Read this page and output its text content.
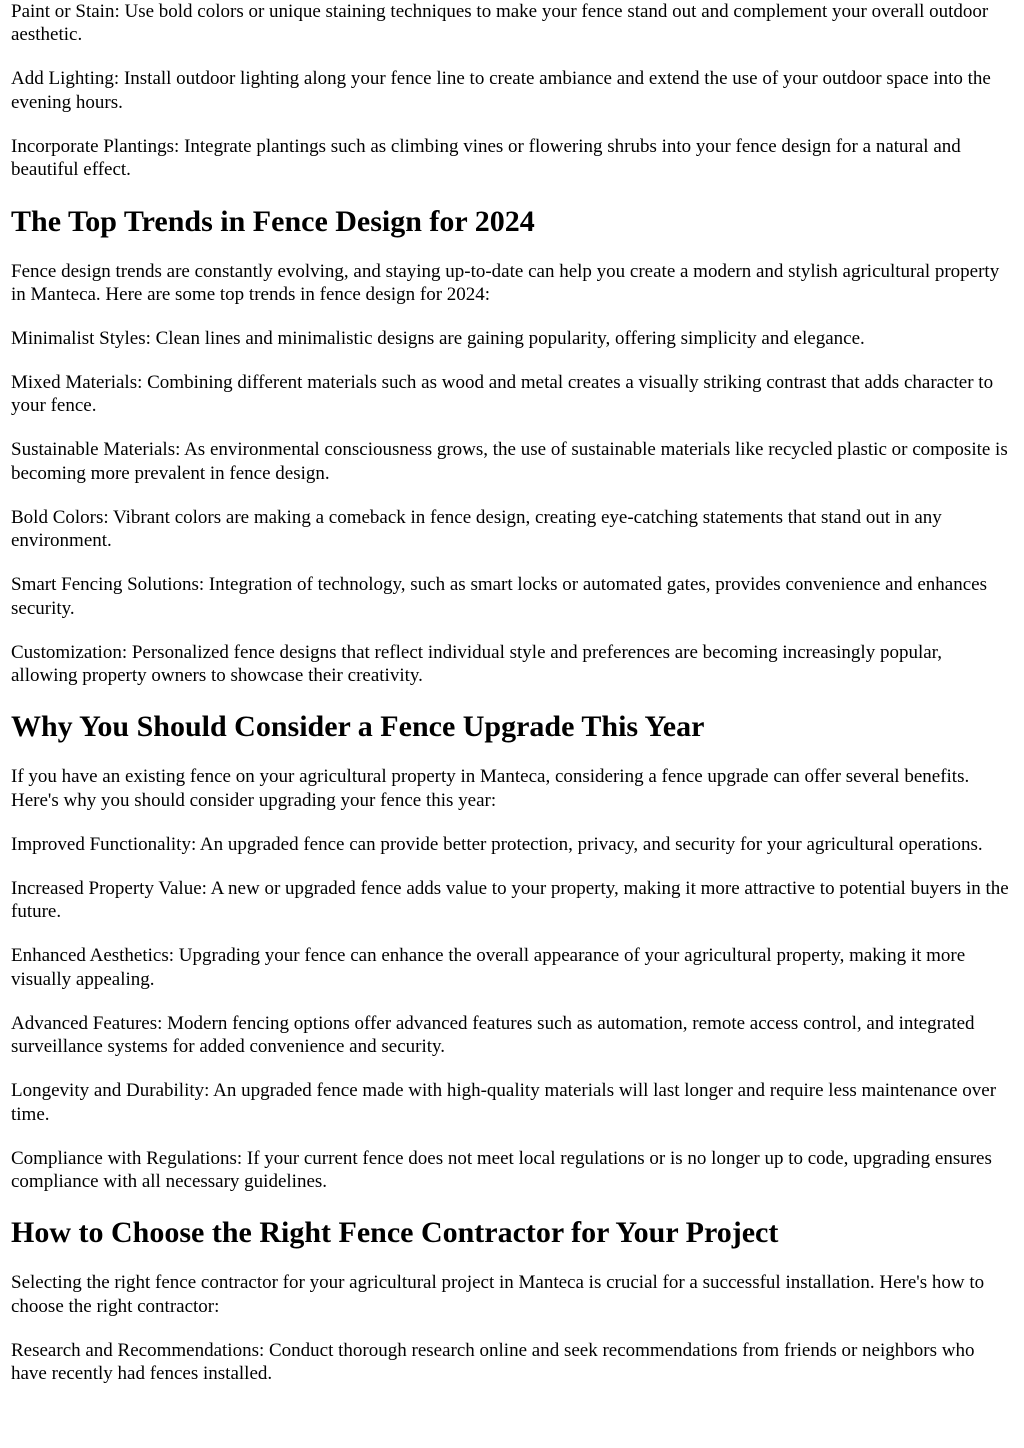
Paint or Stain: Use bold colors or unique staining techniques to make your fence stand out and complement your overall outdoor aesthetic.

Add Lighting: Install outdoor lighting along your fence line to create ambiance and extend the use of your outdoor space into the evening hours.

Incorporate Plantings: Integrate plantings such as climbing vines or flowering shrubs into your fence design for a natural and beautiful effect.

The Top Trends in Fence Design for 2024

Fence design trends are constantly evolving, and staying up-to-date can help you create a modern and stylish agricultural property in Manteca. Here are some top trends in fence design for 2024:

Minimalist Styles: Clean lines and minimalistic designs are gaining popularity, offering simplicity and elegance.

Mixed Materials: Combining different materials such as wood and metal creates a visually striking contrast that adds character to your fence.

Sustainable Materials: As environmental consciousness grows, the use of sustainable materials like recycled plastic or composite is becoming more prevalent in fence design.

Bold Colors: Vibrant colors are making a comeback in fence design, creating eye-catching statements that stand out in any environment.

Smart Fencing Solutions: Integration of technology, such as smart locks or automated gates, provides convenience and enhances security.

Customization: Personalized fence designs that reflect individual style and preferences are becoming increasingly popular, allowing property owners to showcase their creativity.

Why You Should Consider a Fence Upgrade This Year

If you have an existing fence on your agricultural property in Manteca, considering a fence upgrade can offer several benefits. Here's why you should consider upgrading your fence this year:

Improved Functionality: An upgraded fence can provide better protection, privacy, and security for your agricultural operations.

Increased Property Value: A new or upgraded fence adds value to your property, making it more attractive to potential buyers in the future.

Enhanced Aesthetics: Upgrading your fence can enhance the overall appearance of your agricultural property, making it more visually appealing.

Advanced Features: Modern fencing options offer advanced features such as automation, remote access control, and integrated surveillance systems for added convenience and security.

Longevity and Durability: An upgraded fence made with high-quality materials will last longer and require less maintenance over time.

Compliance with Regulations: If your current fence does not meet local regulations or is no longer up to code, upgrading ensures compliance with all necessary guidelines.

How to Choose the Right Fence Contractor for Your Project

Selecting the right fence contractor for your agricultural project in Manteca is crucial for a successful installation. Here's how to choose the right contractor:

Research and Recommendations: Conduct thorough research online and seek recommendations from friends or neighbors who have recently had fences installed.
